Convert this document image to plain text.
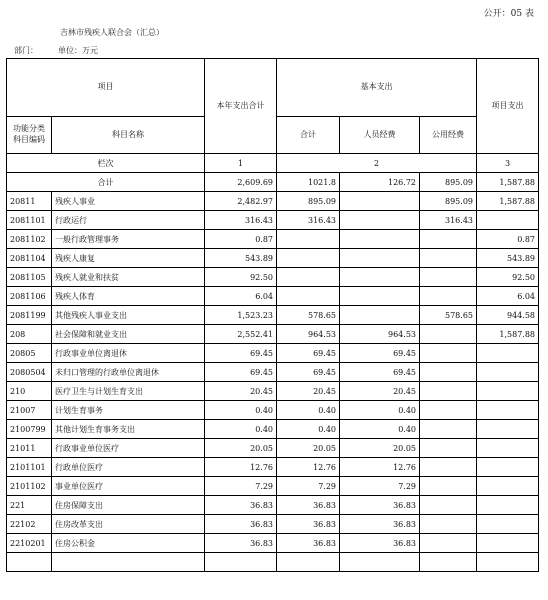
公开：05 表
吉林市残疾人联合会（汇总）
部门：	单位：万元
项目		本年支出合计	基本支出			项目支出
功能分类科目编码	科目名称		合计	人员经费	公用经费	
栏次		1	2			3
合计		2,609.69	1021.8	126.72	895.09	1,587.88
20811	残疾人事业	2,482.97	895.09		895.09	1,587.88
2081101	行政运行	316.43	316.43		316.43	
2081102	一般行政管理事务	0.87				0.87
2081104	残疾人康复	543.89				543.89
2081105	残疾人就业和扶贫	92.50				92.50
2081106	残疾人体育	6.04				6.04
2081199	其他残疾人事业支出	1,523.23	578.65		578.65	944.58
208	社会保障和就业支出	2,552.41	964.53	964.53		1,587.88
20805	行政事业单位离退休	69.45	69.45	69.45		
2080504	未归口管理的行政单位离退休	69.45	69.45	69.45		
210	医疗卫生与计划生育支出	20.45	20.45	20.45		
21007	计划生育事务	0.40	0.40	0.40		
2100799	其他计划生育事务支出	0.40	0.40	0.40		
21011	行政事业单位医疗	20.05	20.05	20.05		
2101101	行政单位医疗	12.76	12.76	12.76		
2101102	事业单位医疗	7.29	7.29	7.29		
221	住房保障支出	36.83	36.83	36.83		
22102	住房改革支出	36.83	36.83	36.83		
2210201	住房公积金	36.83	36.83	36.83		
